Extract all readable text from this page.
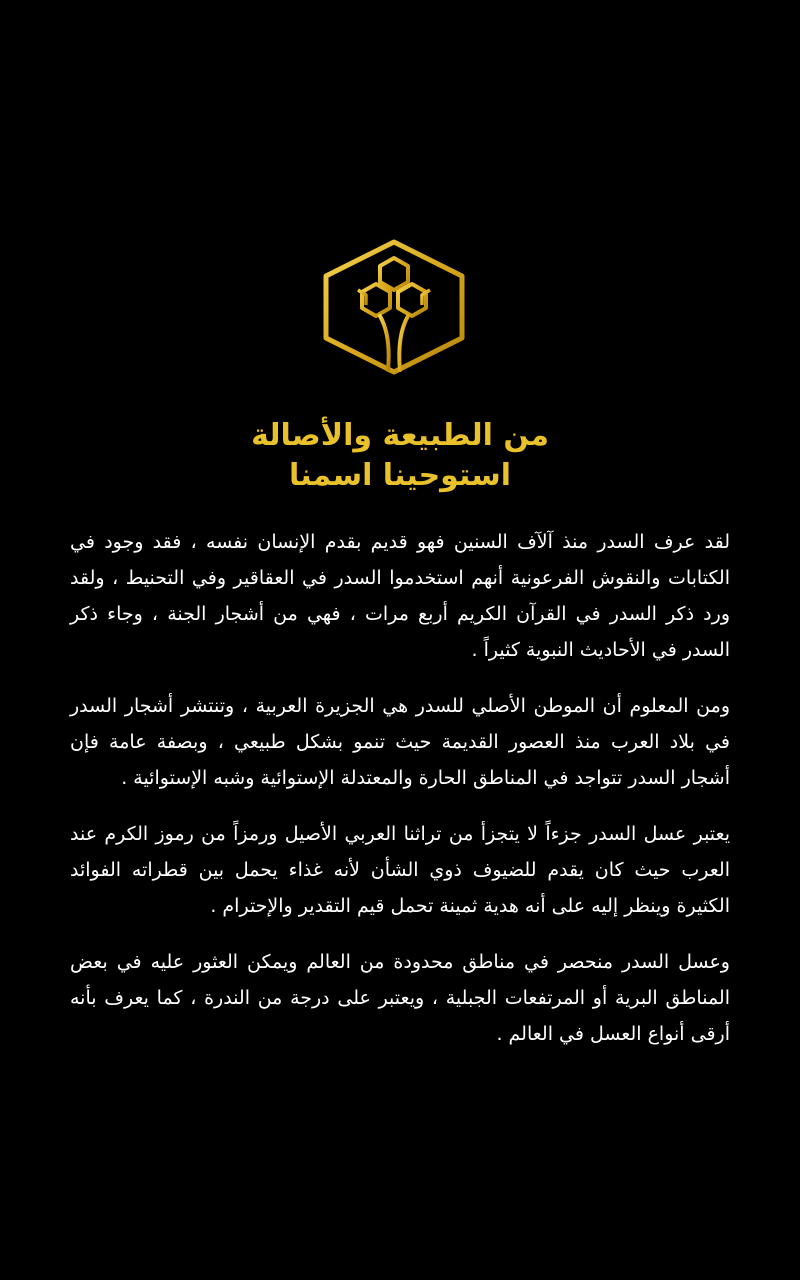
من الطبيعة والأصالة
استوحينا اسمنا

لقد عرف السدر منذ آلآف السنين فهو قديم بقدم الإنسان نفسه ، فقد وجود في الكتابات والنقوش الفرعونية أنهم استخدموا السدر في العقاقير وفي التحنيط ، ولقد ورد ذكر السدر في القرآن الكريم أربع مرات ، فهي من أشجار الجنة ، وجاء ذكر السدر في الأحاديث النبوية كثيراً .

ومن المعلوم أن الموطن الأصلي للسدر هي الجزيرة العربية ، وتنتشر أشجار السدر في بلاد العرب منذ العصور القديمة حيث تنمو بشكل طبيعي ، وبصفة عامة فإن أشجار السدر تتواجد في المناطق الحارة والمعتدلة الإستوائية وشبه الإستوائية .

يعتبر عسل السدر جزءاً لا يتجزأ من تراثنا العربي الأصيل ورمزاً من رموز الكرم عند العرب حيث كان يقدم للضيوف ذوي الشأن لأنه غذاء يحمل بين قطراته الفوائد الكثيرة وينظر إليه على أنه هدية ثمينة تحمل قيم التقدير والإحترام .

وعسل السدر منحصر في مناطق محدودة من العالم ويمكن العثور عليه في بعض المناطق البرية أو المرتفعات الجبلية ، ويعتبر على درجة من الندرة ، كما يعرف بأنه أرقى أنواع العسل في العالم .
